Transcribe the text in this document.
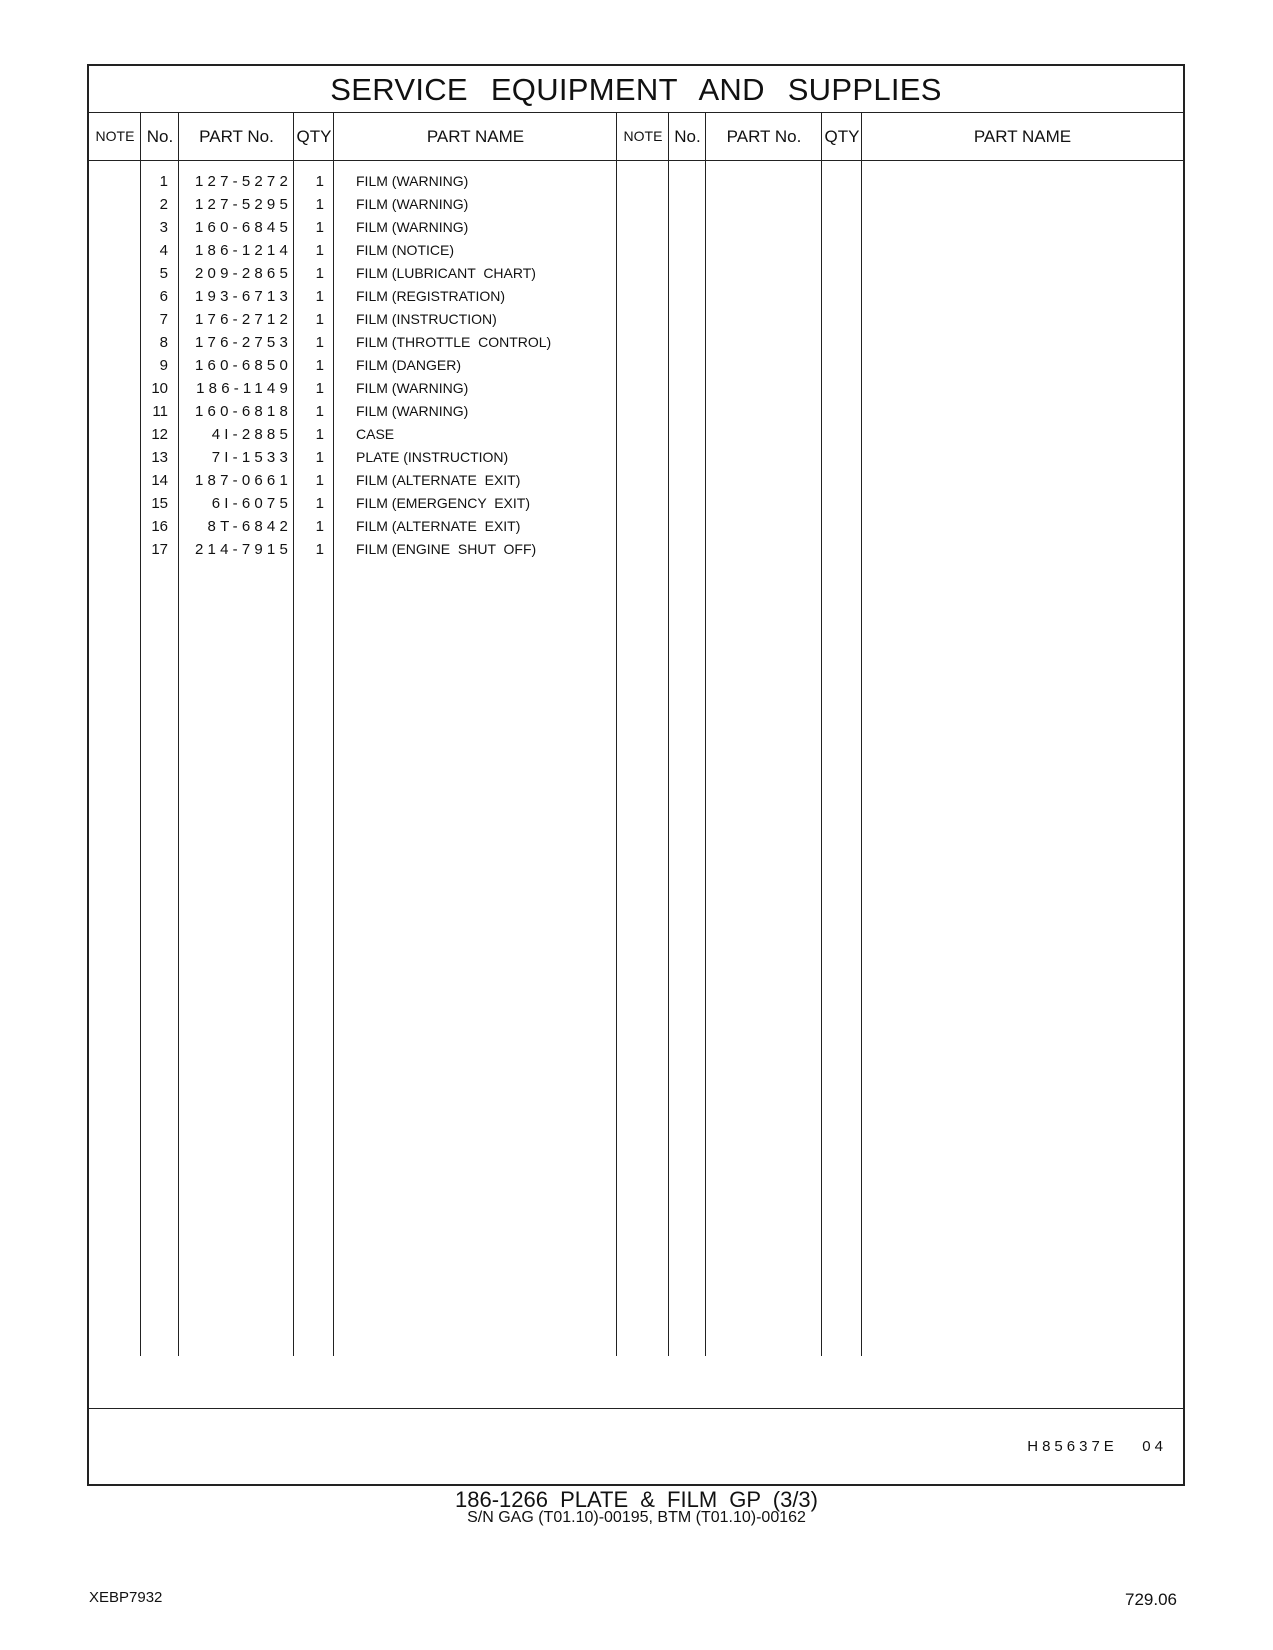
SERVICE EQUIPMENT AND SUPPLIES
NOTE No.	PART No.	QTY	PART NAME	NOTE No.	PART No.	QTY	PART NAME
1	127-5272	1 FILM (WARNING)
2	127-5295	1 FILM (WARNING)
3	160-6845	1 FILM (WARNING)
4	186-1214	1 FILM (NOTICE)
5	209-2865	1 FILM (LUBRICANT  CHART)
6	193-6713	1 FILM (REGISTRATION)
7	176-2712	1 FILM (INSTRUCTION)
8	176-2753	1 FILM (THROTTLE  CONTROL)
9	160-6850	1 FILM (DANGER)
10	186-1149	1 FILM (WARNING)
11	160-6818	1 FILM (WARNING)
12	4I-2885	1 CASE
13	7I-1533	1 PLATE (INSTRUCTION)
14	187-0661	1 FILM (ALTERNATE  EXIT)
15	6I-6075	1 FILM (EMERGENCY  EXIT)
16	8T-6842	1 FILM (ALTERNATE  EXIT)
17	214-7915	1 FILM (ENGINE  SHUT  OFF)
H85637E   04
186-1266 PLATE & FILM GP (3/3)
S/N GAG (T01.10)-00195, BTM (T01.10)-00162
XEBP7932	729.06
